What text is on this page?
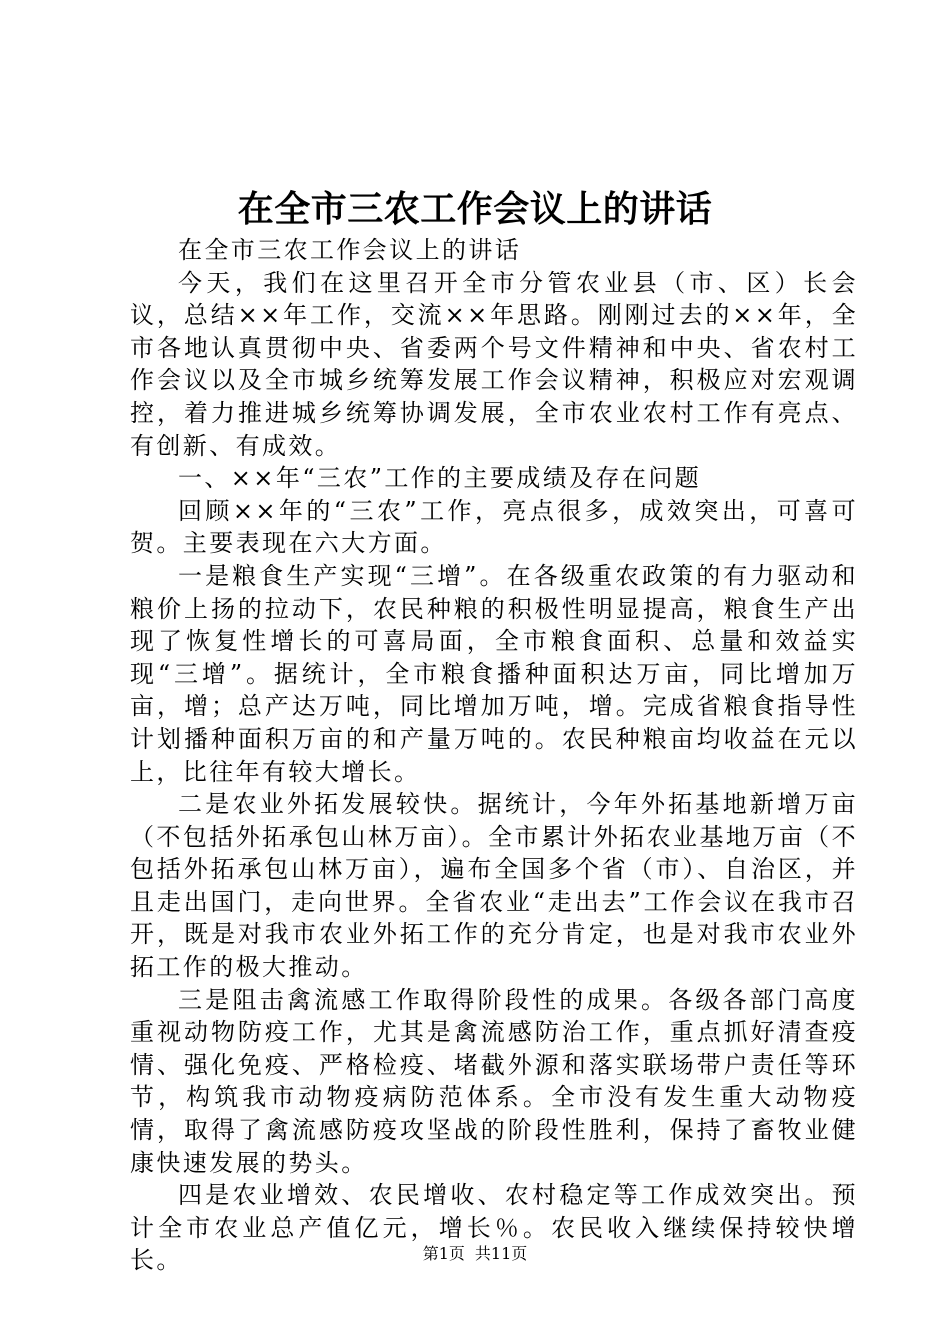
在全市三农工作会议上的讲话

在全市三农工作会议上的讲话

今天，我们在这里召开全市分管农业县（市、区）长会议，总结××年工作，交流××年思路。刚刚过去的××年，全市各地认真贯彻中央、省委两个号文件精神和中央、省农村工作会议以及全市城乡统筹发展工作会议精神，积极应对宏观调控，着力推进城乡统筹协调发展，全市农业农村工作有亮点、有创新、有成效。

一、××年“三农”工作的主要成绩及存在问题

回顾××年的“三农”工作，亮点很多，成效突出，可喜可贺。主要表现在六大方面。

一是粮食生产实现“三增”。在各级重农政策的有力驱动和粮价上扬的拉动下，农民种粮的积极性明显提高，粮食生产出现了恢复性增长的可喜局面，全市粮食面积、总量和效益实现“三增”。据统计，全市粮食播种面积达万亩，同比增加万亩，增；总产达万吨，同比增加万吨，增。完成省粮食指导性计划播种面积万亩的和产量万吨的。农民种粮亩均收益在元以上，比往年有较大增长。

二是农业外拓发展较快。据统计，今年外拓基地新增万亩（不包括外拓承包山林万亩）。全市累计外拓农业基地万亩（不包括外拓承包山林万亩），遍布全国多个省（市）、自治区，并且走出国门，走向世界。全省农业“走出去”工作会议在我市召开，既是对我市农业外拓工作的充分肯定，也是对我市农业外拓工作的极大推动。

三是阻击禽流感工作取得阶段性的成果。各级各部门高度重视动物防疫工作，尤其是禽流感防治工作，重点抓好清查疫情、强化免疫、严格检疫、堵截外源和落实联场带户责任等环节，构筑我市动物疫病防范体系。全市没有发生重大动物疫情，取得了禽流感防疫攻坚战的阶段性胜利，保持了畜牧业健康快速发展的势头。

四是农业增效、农民增收、农村稳定等工作成效突出。预计全市农业总产值亿元，增长％。农民收入继续保持较快增长。	第1页 共11页
